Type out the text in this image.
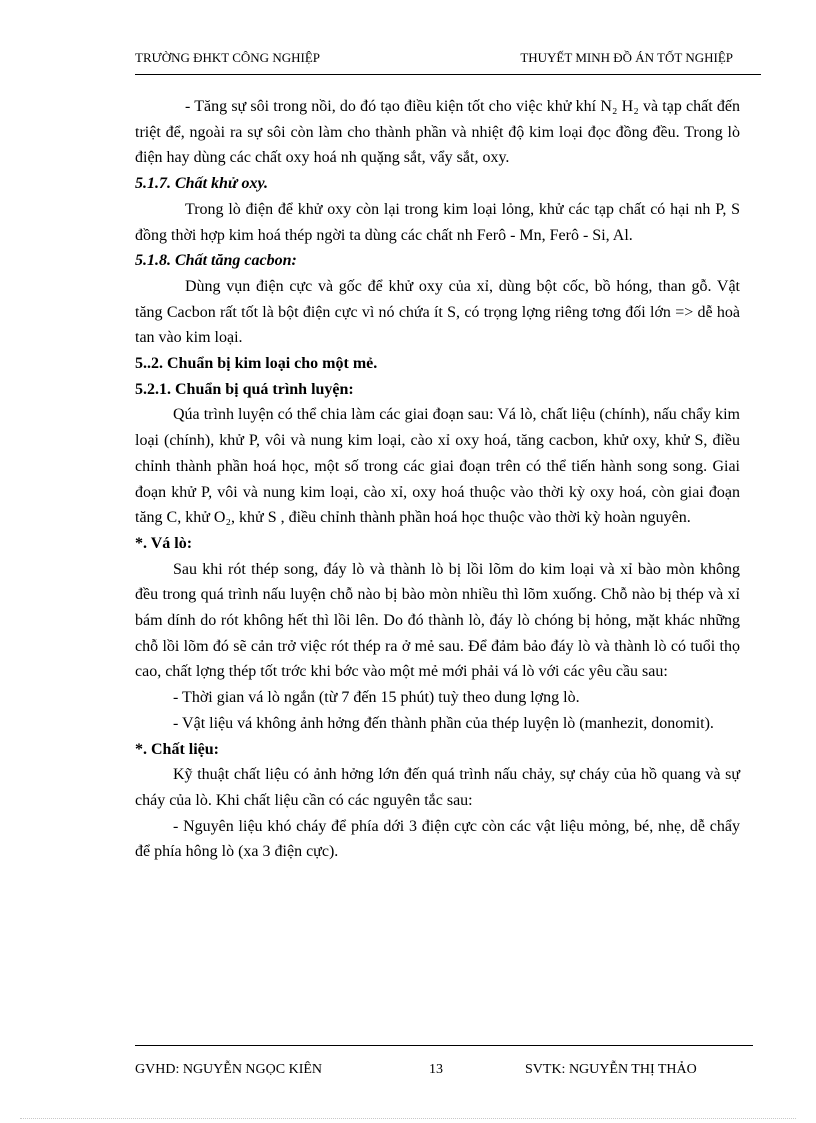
TRƯỜNG ĐHKT CÔNG NGHIỆP	THUYẾT MINH ĐỒ ÁN TỐT NGHIỆP

- Tăng sự sôi trong nồi, do đó tạo điều kiện tốt cho việc khử khí N₂ H₂ và tạp chất đến triệt để, ngoài ra sự sôi còn làm cho thành phần và nhiệt độ kim loại đọc đồng đều. Trong lò điện hay dùng các chất oxy hoá nh quặng sắt, vẩy sắt, oxy.

5.1.7. Chất khử oxy.

Trong lò điện để khử oxy còn lại trong kim loại lỏng, khử các tạp chất có hại nh P, S đồng thời hợp kim hoá thép ngời ta dùng các chất nh Ferô - Mn, Ferô - Si, Al.

5.1.8. Chất tăng cacbon:

Dùng vụn điện cực và gốc để khử oxy của xỉ, dùng bột cốc, bồ hóng, than gỗ. Vật tăng Cacbon rất tốt là bột điện cực vì nó chứa ít S, có trọng lợng riêng tơng đối lớn => dễ hoà tan vào kim loại.

5..2. Chuẩn bị kim loại cho một mẻ.

5.2.1. Chuẩn bị quá trình luyện:

Qúa trình luyện có thể chia làm các giai đoạn sau: Vá lò, chất liệu (chính), nấu chẩy kim loại (chính), khử P, vôi và nung kim loại, cào xỉ oxy hoá, tăng cacbon, khử oxy, khử S, điều chỉnh thành phần hoá học, một số trong các giai đoạn trên có thể tiến hành song song. Giai đoạn khử P, vôi và nung kim loại, cào xỉ, oxy hoá thuộc vào thời kỳ oxy hoá, còn giai đoạn tăng C, khử O₂, khử S , điều chỉnh thành phần hoá học thuộc vào thời kỳ hoàn nguyên.

*. Vá lò:

Sau khi rót thép song, đáy lò và thành lò bị lồi lõm do kim loại và xỉ bào mòn không đều trong quá trình nấu luyện chỗ nào bị bào mòn nhiều thì lõm xuống. Chỗ nào bị thép và xỉ bám dính do rót không hết thì lồi lên. Do đó thành lò, đáy lò chóng bị hỏng, mặt khác những chỗ lồi lõm đó sẽ cản trở việc rót thép ra ở mẻ sau. Để đảm bảo đáy lò và thành lò có tuổi thọ cao, chất lợng thép tốt trớc khi bớc vào một mẻ mới phải vá lò với các yêu cầu sau:

- Thời gian vá lò ngắn (từ 7 đến 15 phút) tuỳ theo dung lợng lò.

- Vật liệu vá không ảnh hởng đến thành phần của thép luyện lò (manhezit, donomit).

*. Chất liệu:

Kỹ thuật chất liệu có ảnh hởng lớn đến quá trình nấu chảy, sự cháy của hồ quang và sự cháy của lò. Khi chất liệu cần có các nguyên tắc sau:

- Nguyên liệu khó cháy để phía dới 3 điện cực còn các vật liệu mỏng, bé, nhẹ, dễ chẩy để phía hông lò (xa 3 điện cực).

GVHD: NGUYỄN NGỌC KIÊN	13	SVTK: NGUYỄN THỊ THẢO
